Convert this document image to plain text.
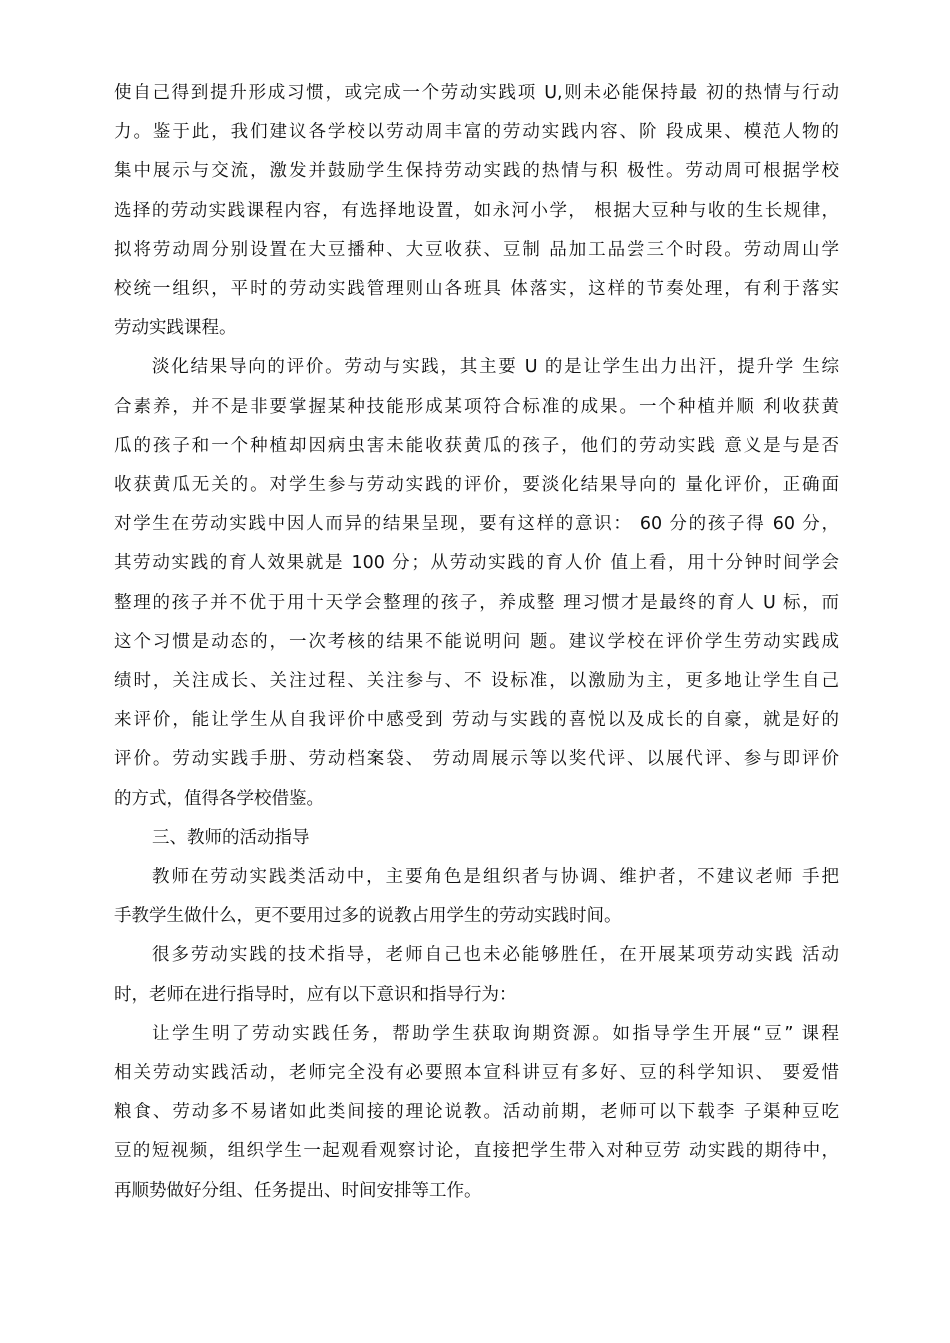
使自己得到提升形成习惯，或完成一个劳动实践项 U,则未必能保持最 初的热情与行动
力。鉴于此，我们建议各学校以劳动周丰富的劳动实践内容、阶 段成果、模范人物的
集中展示与交流，激发并鼓励学生保持劳动实践的热情与积 极性。劳动周可根据学校
选择的劳动实践课程内容，有选择地设置，如永河小学， 根据大豆种与收的生长规律，
拟将劳动周分别设置在大豆播种、大豆收获、豆制 品加工品尝三个时段。劳动周山学
校统一组织，平时的劳动实践管理则山各班具 体落实，这样的节奏处理，有利于落实
劳动实践课程。
淡化结果导向的评价。劳动与实践，其主要 U 的是让学生出力出汗，提升学 生综
合素养，并不是非要掌握某种技能形成某项符合标准的成果。一个种植并顺 利收获黄
瓜的孩子和一个种植却因病虫害未能收获黄瓜的孩子，他们的劳动实践 意义是与是否
收获黄瓜无关的。对学生参与劳动实践的评价，要淡化结果导向的 量化评价，正确面
对学生在劳动实践中因人而异的结果呈现，要有这样的意识： 60 分的孩子得 60 分，
其劳动实践的育人效果就是 100 分；从劳动实践的育人价 值上看，用十分钟时间学会
整理的孩子并不优于用十天学会整理的孩子，养成整 理习惯才是最终的育人 U 标，而
这个习惯是动态的，一次考核的结果不能说明问 题。建议学校在评价学生劳动实践成
绩时，关注成长、关注过程、关注参与、不 设标准，以激励为主，更多地让学生自己
来评价，能让学生从自我评价中感受到 劳动与实践的喜悦以及成长的自豪，就是好的
评价。劳动实践手册、劳动档案袋、 劳动周展示等以奖代评、以展代评、参与即评价
的方式，值得各学校借鉴。
三、教师的活动指导
教师在劳动实践类活动中，主要角色是组织者与协调、维护者，不建议老师 手把
手教学生做什么，更不要用过多的说教占用学生的劳动实践时间。
很多劳动实践的技术指导，老师自己也未必能够胜任，在开展某项劳动实践 活动
时，老师在进行指导时，应有以下意识和指导行为：
让学生明了劳动实践任务，帮助学生获取询期资源。如指导学生开展“豆” 课程
相关劳动实践活动，老师完全没有必要照本宣科讲豆有多好、豆的科学知识、 要爱惜
粮食、劳动多不易诸如此类间接的理论说教。活动前期，老师可以下载李 子渠种豆吃
豆的短视频，组织学生一起观看观察讨论，直接把学生带入对种豆劳 动实践的期待中，
再顺势做好分组、任务提出、时间安排等工作。
